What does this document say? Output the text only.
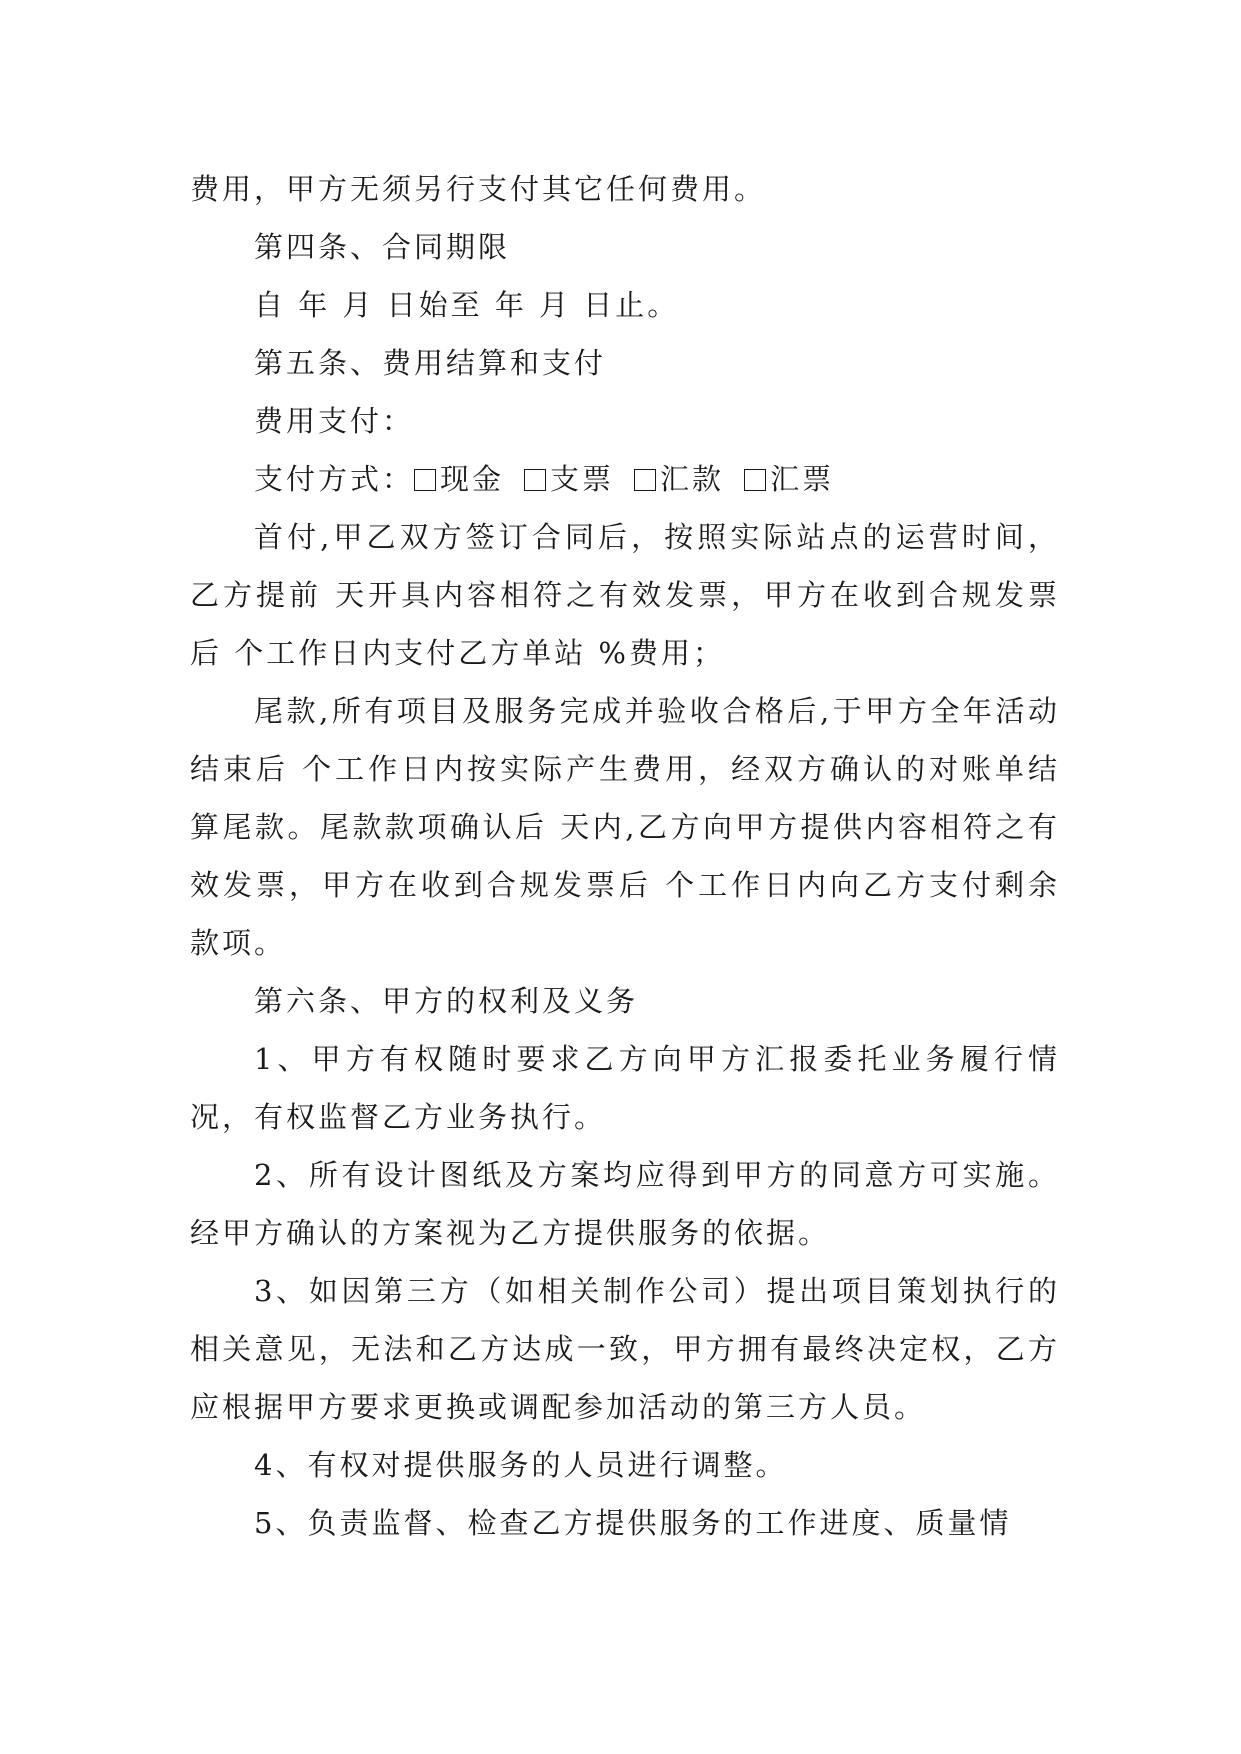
费用，甲方无须另行支付其它任何费用。

第四条、合同期限

自 年 月 日始至 年 月 日止。

第五条、费用结算和支付

费用支付：

支付方式： 现金 支票 汇款 汇票

首付,甲乙双方签订合同后，按照实际站点的运营时间，乙方提前 天开具内容相符之有效发票，甲方在收到合规发票后 个工作日内支付乙方单站 %费用；

尾款,所有项目及服务完成并验收合格后,于甲方全年活动结束后 个工作日内按实际产生费用，经双方确认的对账单结算尾款。尾款款项确认后 天内,乙方向甲方提供内容相符之有效发票，甲方在收到合规发票后 个工作日内向乙方支付剩余款项。

第六条、甲方的权利及义务

1、甲方有权随时要求乙方向甲方汇报委托业务履行情况，有权监督乙方业务执行。

2、所有设计图纸及方案均应得到甲方的同意方可实施。经甲方确认的方案视为乙方提供服务的依据。

3、如因第三方（如相关制作公司）提出项目策划执行的相关意见，无法和乙方达成一致，甲方拥有最终决定权，乙方应根据甲方要求更换或调配参加活动的第三方人员。

4、有权对提供服务的人员进行调整。

5、负责监督、检查乙方提供服务的工作进度、质量情
